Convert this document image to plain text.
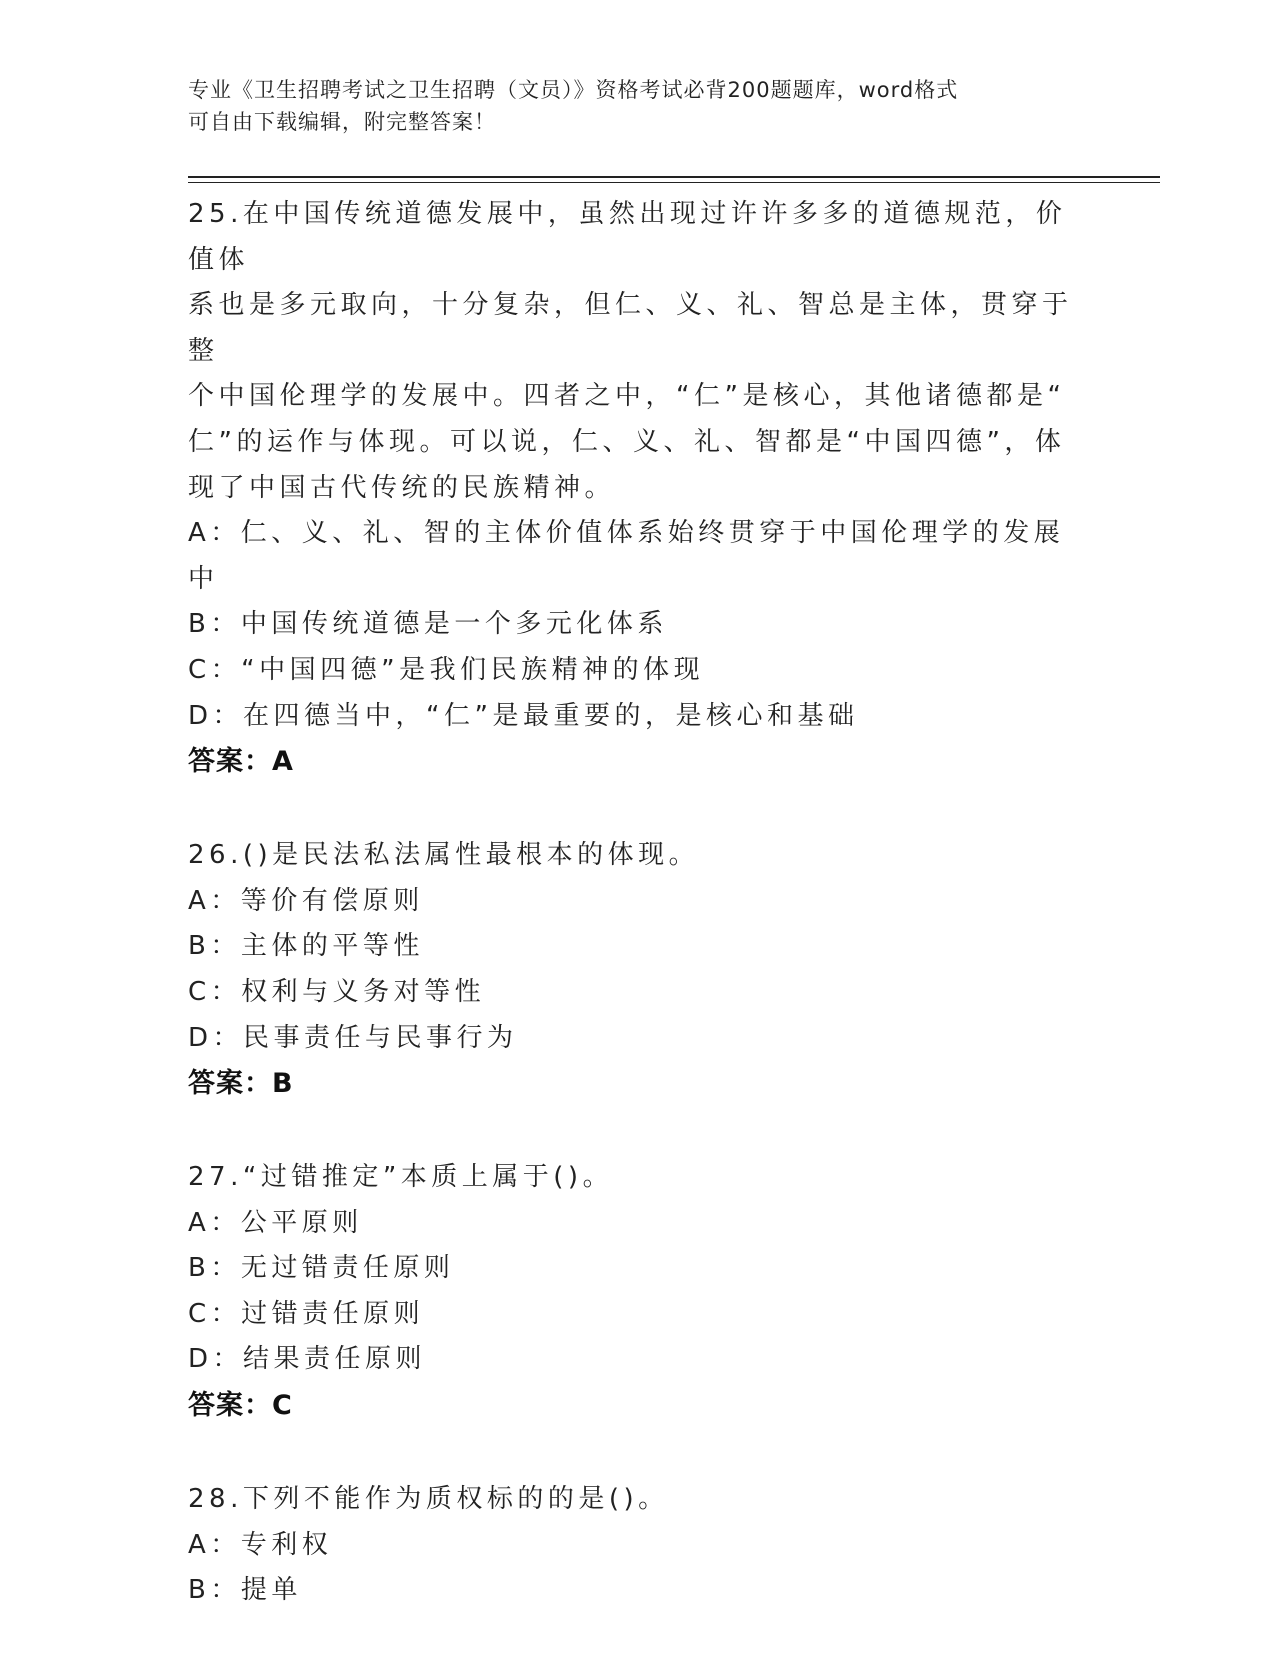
专业《卫生招聘考试之卫生招聘（文员）》资格考试必背200题题库，word格式
可自由下载编辑，附完整答案！
25.在中国传统道德发展中，虽然出现过许许多多的道德规范，价值体
系也是多元取向，十分复杂，但仁、义、礼、智总是主体，贯穿于整
个中国伦理学的发展中。四者之中，“仁”是核心，其他诸德都是“
仁”的运作与体现。可以说，仁、义、礼、智都是“中国四德”，体
现了中国古代传统的民族精神。
A：仁、义、礼、智的主体价值体系始终贯穿于中国伦理学的发展中
B：中国传统道德是一个多元化体系
C：“中国四德”是我们民族精神的体现
D：在四德当中，“仁”是最重要的，是核心和基础
答案：A
26.()是民法私法属性最根本的体现。
A：等价有偿原则
B：主体的平等性
C：权利与义务对等性
D：民事责任与民事行为
答案：B
27.“过错推定”本质上属于()。
A：公平原则
B：无过错责任原则
C：过错责任原则
D：结果责任原则
答案：C
28.下列不能作为质权标的的是()。
A：专利权
B：提单
